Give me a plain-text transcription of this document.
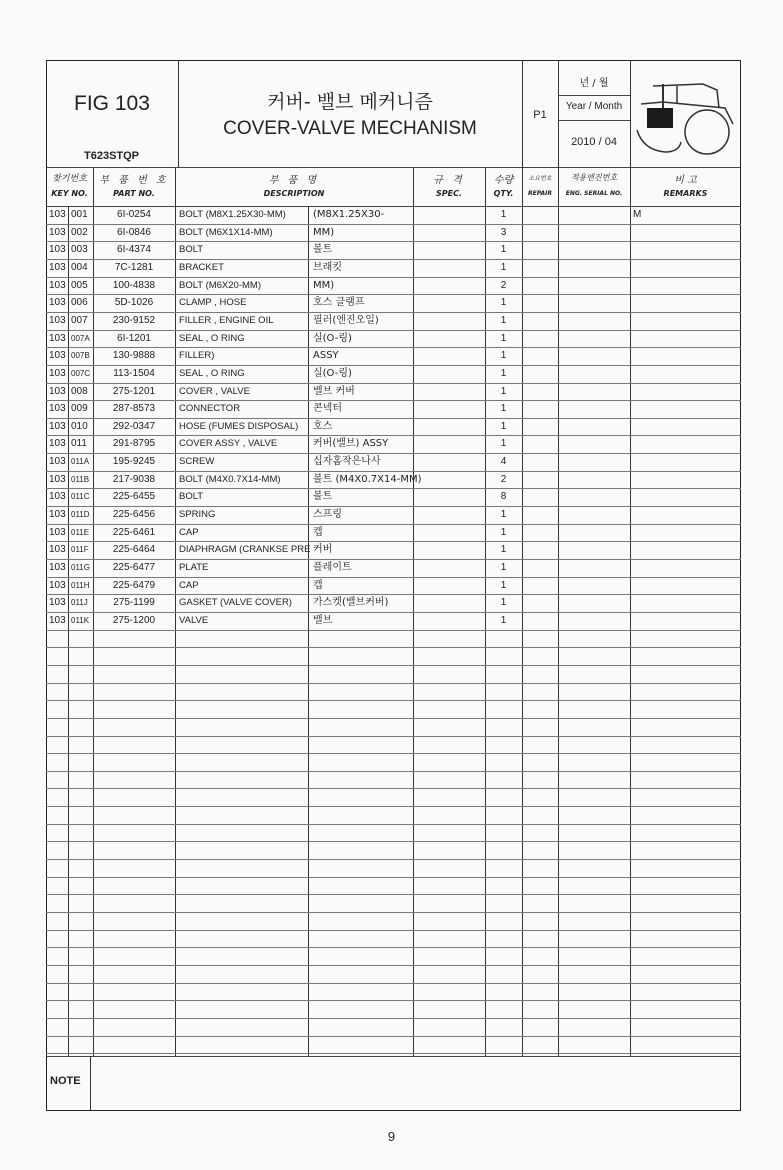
FIG 103
T623STQP
커버- 밸브 메커니즘
COVER-VALVE MECHANISM
P1
년 / 월
Year / Month
2010 / 04
찾기번호
KEY NO.
부 품 번 호
PART NO.
부 품 명
DESCRIPTION
규 격
SPEC.
수량
QTY.
소요번호
REPAIR
적용엔진번호
ENG. SERIAL NO.
비 고
REMARKS
103 001	6I-0254	BOLT (M8X1.25X30-MM)	(M8X1.25X30-	1	M
103 002	6I-0846	BOLT (M6X1X14-MM)	MM)	3
103 003	6I-4374	BOLT	볼트	1
103 004	7C-1281	BRACKET	브래킷	1
103 005	100-4838	BOLT (M6X20-MM)	MM)	2
103 006	5D-1026	CLAMP , HOSE	호스 클램프	1
103 007	230-9152	FILLER , ENGINE OIL	필러(엔진오일)	1
103 007A	6I-1201	SEAL , O RING	실(O-링)	1
103 007B	130-9888	FILLER)	ASSY	1
103 007C	113-1504	SEAL , O RING	실(O-링)	1
103 008	275-1201	COVER , VALVE	밸브 커버	1
103 009	287-8573	CONNECTOR	콘넥터	1
103 010	292-0347	HOSE (FUMES DISPOSAL)	호스	1
103 011	291-8795	COVER ASSY , VALVE	커버(밸브) ASSY	1
103 011A	195-9245	SCREW	십자홈작은나사	4
103 011B	217-9038	BOLT (M4X0.7X14-MM)	볼트 (M4X0.7X14-MM)	2
103 011C	225-6455	BOLT	볼트	8
103 011D	225-6456	SPRING	스프링	1
103 011E	225-6461	CAP	캡	1
103 011F	225-6464	DIAPHRAGM (CRANKSE PRE 커버	1
103 011G	225-6477	PLATE	플레이트	1
103 011H	225-6479	CAP	캡	1
103 011J	275-1199	GASKET (VALVE COVER)	가스켓(밸브커버)	1
103 011K	275-1200	VALVE	밸브	1
NOTE
9
